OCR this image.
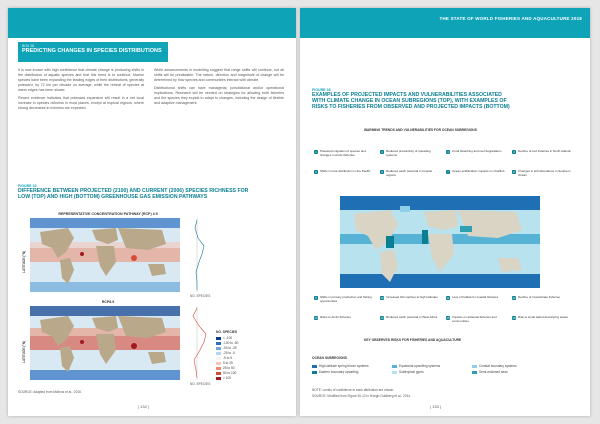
BOX 28
PREDICTING CHANGES IN SPECIES DISTRIBUTIONS

It is now known with high confidence that climate change is producing shifts in the distribution of aquatic species and that this trend is to continue. Marine species have been expanding the leading edges of their distributions, generally poleward, by 72 km per decade on average, while the retreat of species at warm edges has been slower.

Recent evidence indicates that poleward expansion will result in a net local increase in species richness in most places, except at tropical regions, where strong decreases in richness are expected.

While advancements in modelling suggest that range shifts will continue, not all shifts will be predictable. The nature, direction and magnitude of change will be determined by how species and communities interact with climate.

Distributional shifts can have managerial, jurisdictional and/or operational implications. Research will be needed on strategies for allowing both fisheries and the species they exploit to adapt to changes, including the design of flexible and adaptive management.

FIGURE 32
DIFFERENCE BETWEEN PROJECTED (2100) AND CURRENT (2006) SPECIES RICHNESS FOR LOW (TOP) AND HIGH (BOTTOM) GREENHOUSE GAS EMISSION PATHWAYS
REPRESENTATIVE CONCENTRATION PATHWAY (RCP) 4.5
LATITUDE (°N)
NO. SPECIES
RCP8.5
LATITUDE (°N)
NO. SPECIES
NO. SPECIES
< -100
-100 to -50
-50 to -25
-25 to -5
-5 to 5
5 to 25
25 to 50
50 to 100
> 100
SOURCE: Adapted from Molinos et al., 2016.
| 132 |
THE STATE OF WORLD FISHERIES AND AQUACULTURE 2018
FIGURE 33
EXAMPLES OF PROJECTED IMPACTS AND VULNERABILITIES ASSOCIATED WITH CLIMATE CHANGE IN OCEAN SUBREGIONS (TOP), WITH EXAMPLES OF RISKS TO FISHERIES FROM OBSERVED AND PROJECTED IMPACTS (BOTTOM)
WARMING TRENDS AND VULNERABILITIES FOR OCEAN SUBREGIONS
1	Poleward migration of species and changes in Arctic fisheries
2	Reduced productivity of upwelling systems
3	Coral bleaching and reef degradation	4	Decline of cod fisheries in North Atlantic
5	Shifts in tuna distribution in the Pacific	6	Reduced catch potential in tropical regions
7	Ocean acidification impacts on shellfish	8	Changes in krill abundance in Southern Ocean
9	Shifts in primary production and fishing opportunities
10 Increased fish catches at high latitudes	11 Loss of habitat for coastal fisheries	12 Decline of invertebrate fisheries
13 Risks to Arctic fisheries	14 Reduced catch potential in West Africa	15 Impacts on artisanal fisheries and communities
16 Risk to small island developing states
KEY OBSERVED RISKS FOR FISHERIES AND AQUACULTURE
OCEAN SUBREGIONS
High-latitude spring bloom systems	Equatorial upwelling systems	Coastal boundary systems
Eastern boundary upwelling	Subtropical gyres	Semi-enclosed seas
NOTE: Levels of confidence in each attribution are shown.
SOURCE: Modified from Figure 30-12 in Hoegh-Guldberg et al., 2014.
| 133 |
